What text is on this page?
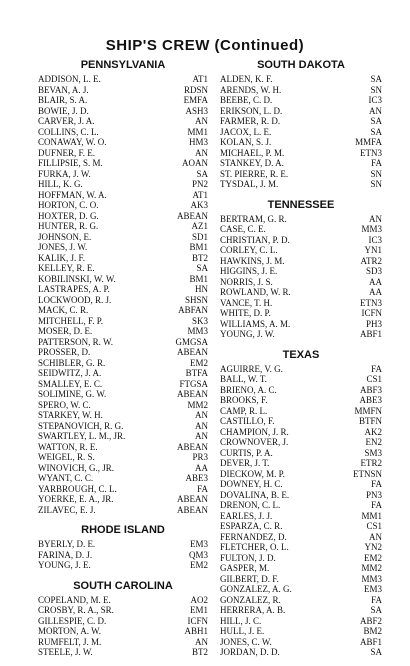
SHIP'S CREW (Continued)
PENNSYLVANIA
ADDISON, L. E.	AT1
BEVAN, A. J.	RDSN
BLAIR, S. A.	EMFA
BOWIE, J. D.	ASH3
CARVER, J. A.	AN
COLLINS, C. L.	MM1
CONAWAY, W. O.	HM3
DUFNER, F. E.	AN
FILLIPSIE, S. M.	AOAN
FURKA, J. W.	SA
HILL, K. G.	PN2
HOFFMAN, W. A.	AT1
HORTON, C. O.	AK3
HOXTER, D. G.	ABEAN
HUNTER, R. G.	AZ1
JOHNSON, E.	SD1
JONES, J. W.	BM1
KALIK, J. F.	BT2
KELLEY, R. E.	SA
KOBILINSKI, W. W.	BM1
LASTRAPES, A. P.	HN
LOCKWOOD, R. J.	SHSN
MACK, C. R.	ABFAN
MITCHELL, F. P.	SK3
MOSER, D. E.	MM3
PATTERSON, R. W.	GMGSA
PROSSER, D.	ABEAN
SCHIBLER, G. R.	EM2
SEIDWITZ, J. A.	BTFA
SMALLEY, E. C.	FTGSA
SOLIMINE, G. W.	ABEAN
SPERO, W. C.	MM2
STARKEY, W. H.	AN
STEPANOVICH, R. G.	AN
SWARTLEY, L. M., JR.	AN
WATTON, R. E.	ABEAN
WEIGEL, R. S.	PR3
WINOVICH, G., JR.	AA
WYANT, C. C.	ABE3
YARBROUGH, C. L.	FA
YOERKE, E. A., JR.	ABEAN
ZILAVEC, E. J.	ABEAN
RHODE ISLAND
BYERLY, D. E.	EM3
FARINA, D. J.	QM3
YOUNG, J. E.	EM2
SOUTH CAROLINA
COPELAND, M. E.	AO2
CROSBY, R. A., SR.	EM1
GILLESPIE, C. D.	ICFN
MORTON, A. W.	ABH1
RUMFELT, J. M.	AN
STEELE, J. W.	BT2
SOUTH DAKOTA
ALDEN, K. F.	SA
ARENDS, W. H.	SN
BEEBE, C. D.	IC3
ERIKSON, L. D.	AN
FARMER, R. D.	SA
JACOX, L. E.	SA
KOLAN, S. J.	MMFA
MICHAEL, P. M.	ETN3
STANKEY, D. A.	FA
ST. PIERRE, R. E.	SN
TYSDAL, J. M.	SN
TENNESSEE
BERTRAM, G. R.	AN
CASE, C. E.	MM3
CHRISTIAN, P. D.	IC3
CORLEY, C. L.	YN1
HAWKINS, J. M.	ATR2
HIGGINS, J. E.	SD3
NORRIS, J. S.	AA
ROWLAND, W. R.	AA
VANCE, T. H.	ETN3
WHITE, D. P.	ICFN
WILLIAMS, A. M.	PH3
YOUNG, J. W.	ABF1
TEXAS
AGUIRRE, V. G.	FA
BALL, W. T.	CS1
BRIENO, A. C.	ABF3
BROOKS, F.	ABE3
CAMP, R. L.	MMFN
CASTILLO, F.	BTFN
CHAMPION, J. R.	AK2
CROWNOVER, J.	EN2
CURTIS, P. A.	SM3
DEVER, J. T.	ETR2
DIECKOW, M. P.	ETNSN
DOWNEY, H. C.	FA
DOVALINA, B. E.	PN3
DRENON, C. L.	FA
EARLES, J. J.	MM1
ESPARZA, C. R.	CS1
FERNANDEZ, D.	AN
FLETCHER, O. L.	YN2
FULTON, J. D.	EM2
GASPER, M.	MM2
GILBERT, D. F.	MM3
GONZALEZ, A. G.	EM3
GONZALEZ, R.	FA
HERRERA, A. B.	SA
HILL, J. C.	ABF2
HULL, J. E.	BM2
JONES, C. W.	ABF1
JORDAN, D. D.	SA
